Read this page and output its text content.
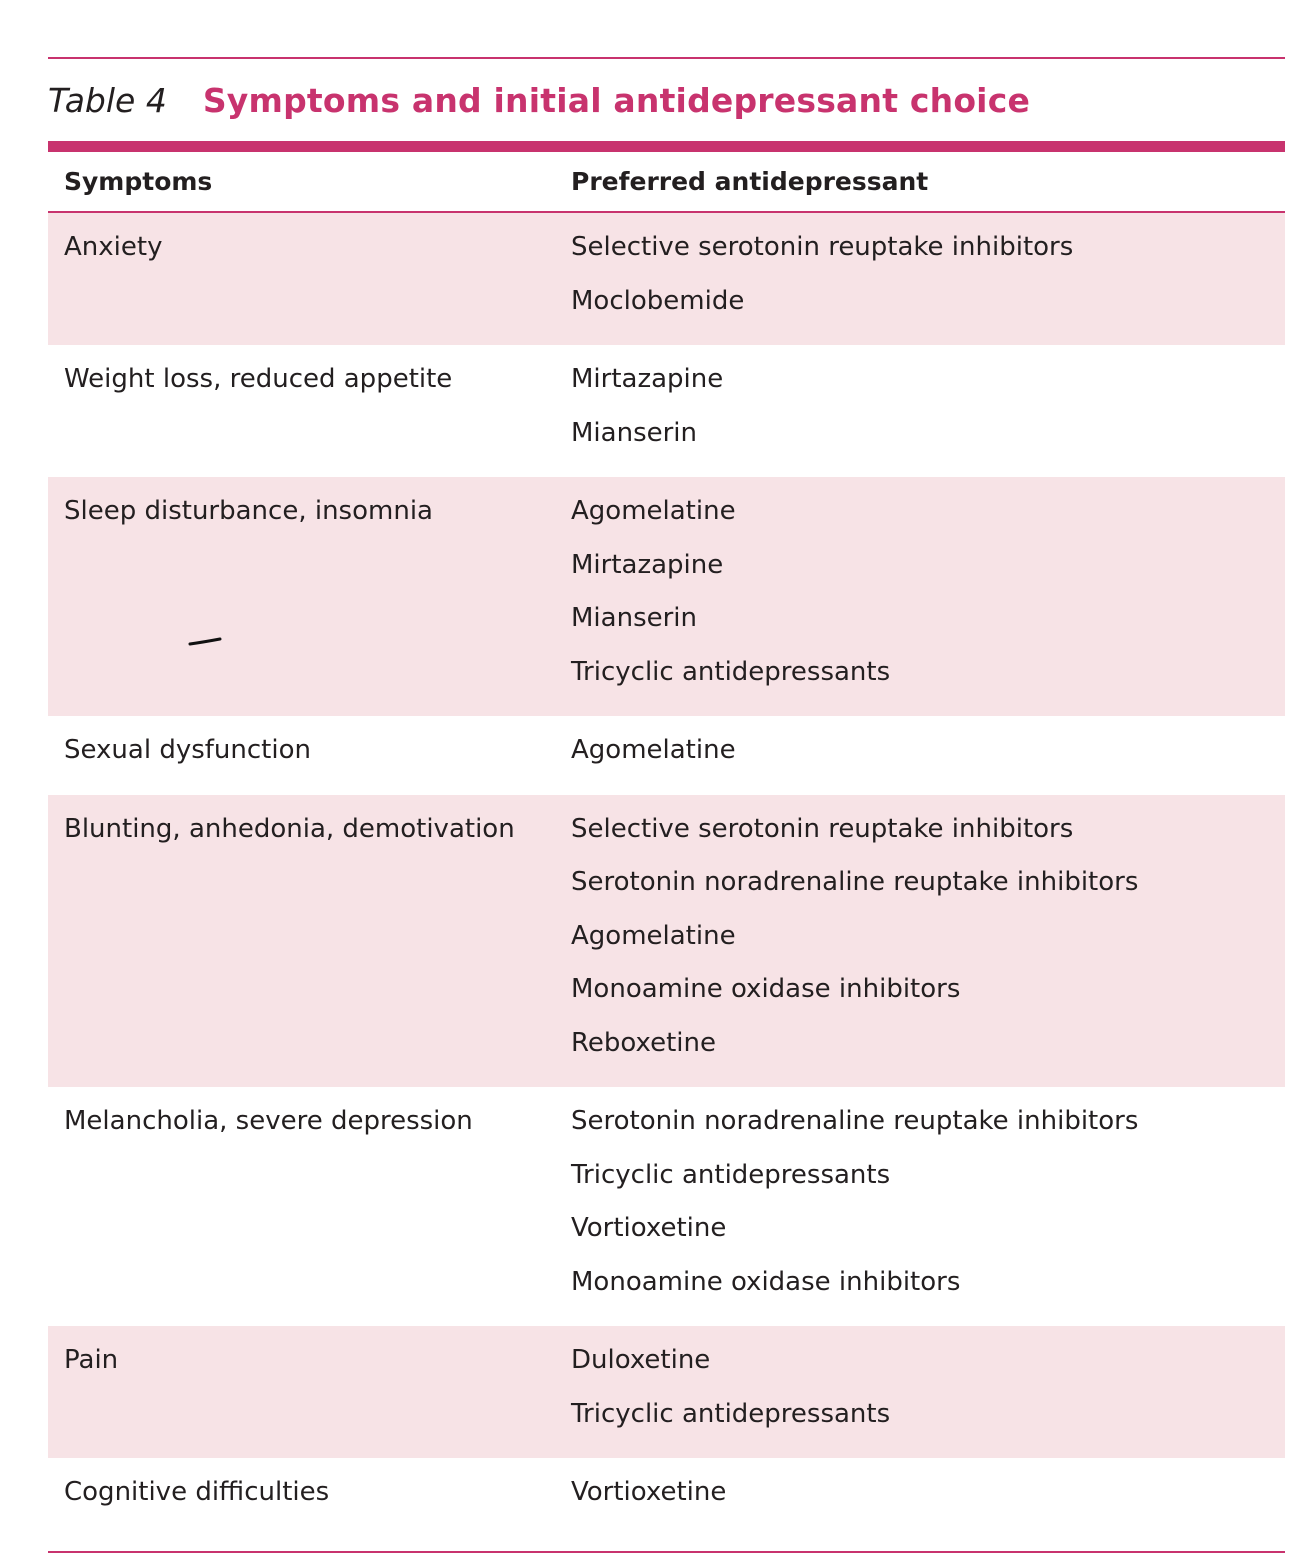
Table 4 Symptoms and initial antidepressant choice
Symptoms	Preferred antidepressant
Anxiety	Selective serotonin reuptake inhibitors
Moclobemide
Weight loss, reduced appetite	Mirtazapine
Mianserin
Sleep disturbance, insomnia	Agomelatine
Mirtazapine
Mianserin
Tricyclic antidepressants
Sexual dysfunction	Agomelatine
Blunting, anhedonia, demotivation	Selective serotonin reuptake inhibitors
Serotonin noradrenaline reuptake inhibitors
Agomelatine
Monoamine oxidase inhibitors
Reboxetine
Melancholia, severe depression	Serotonin noradrenaline reuptake inhibitors
Tricyclic antidepressants
Vortioxetine
Monoamine oxidase inhibitors
Pain	Duloxetine
Tricyclic antidepressants
Cognitive difficulties	Vortioxetine
